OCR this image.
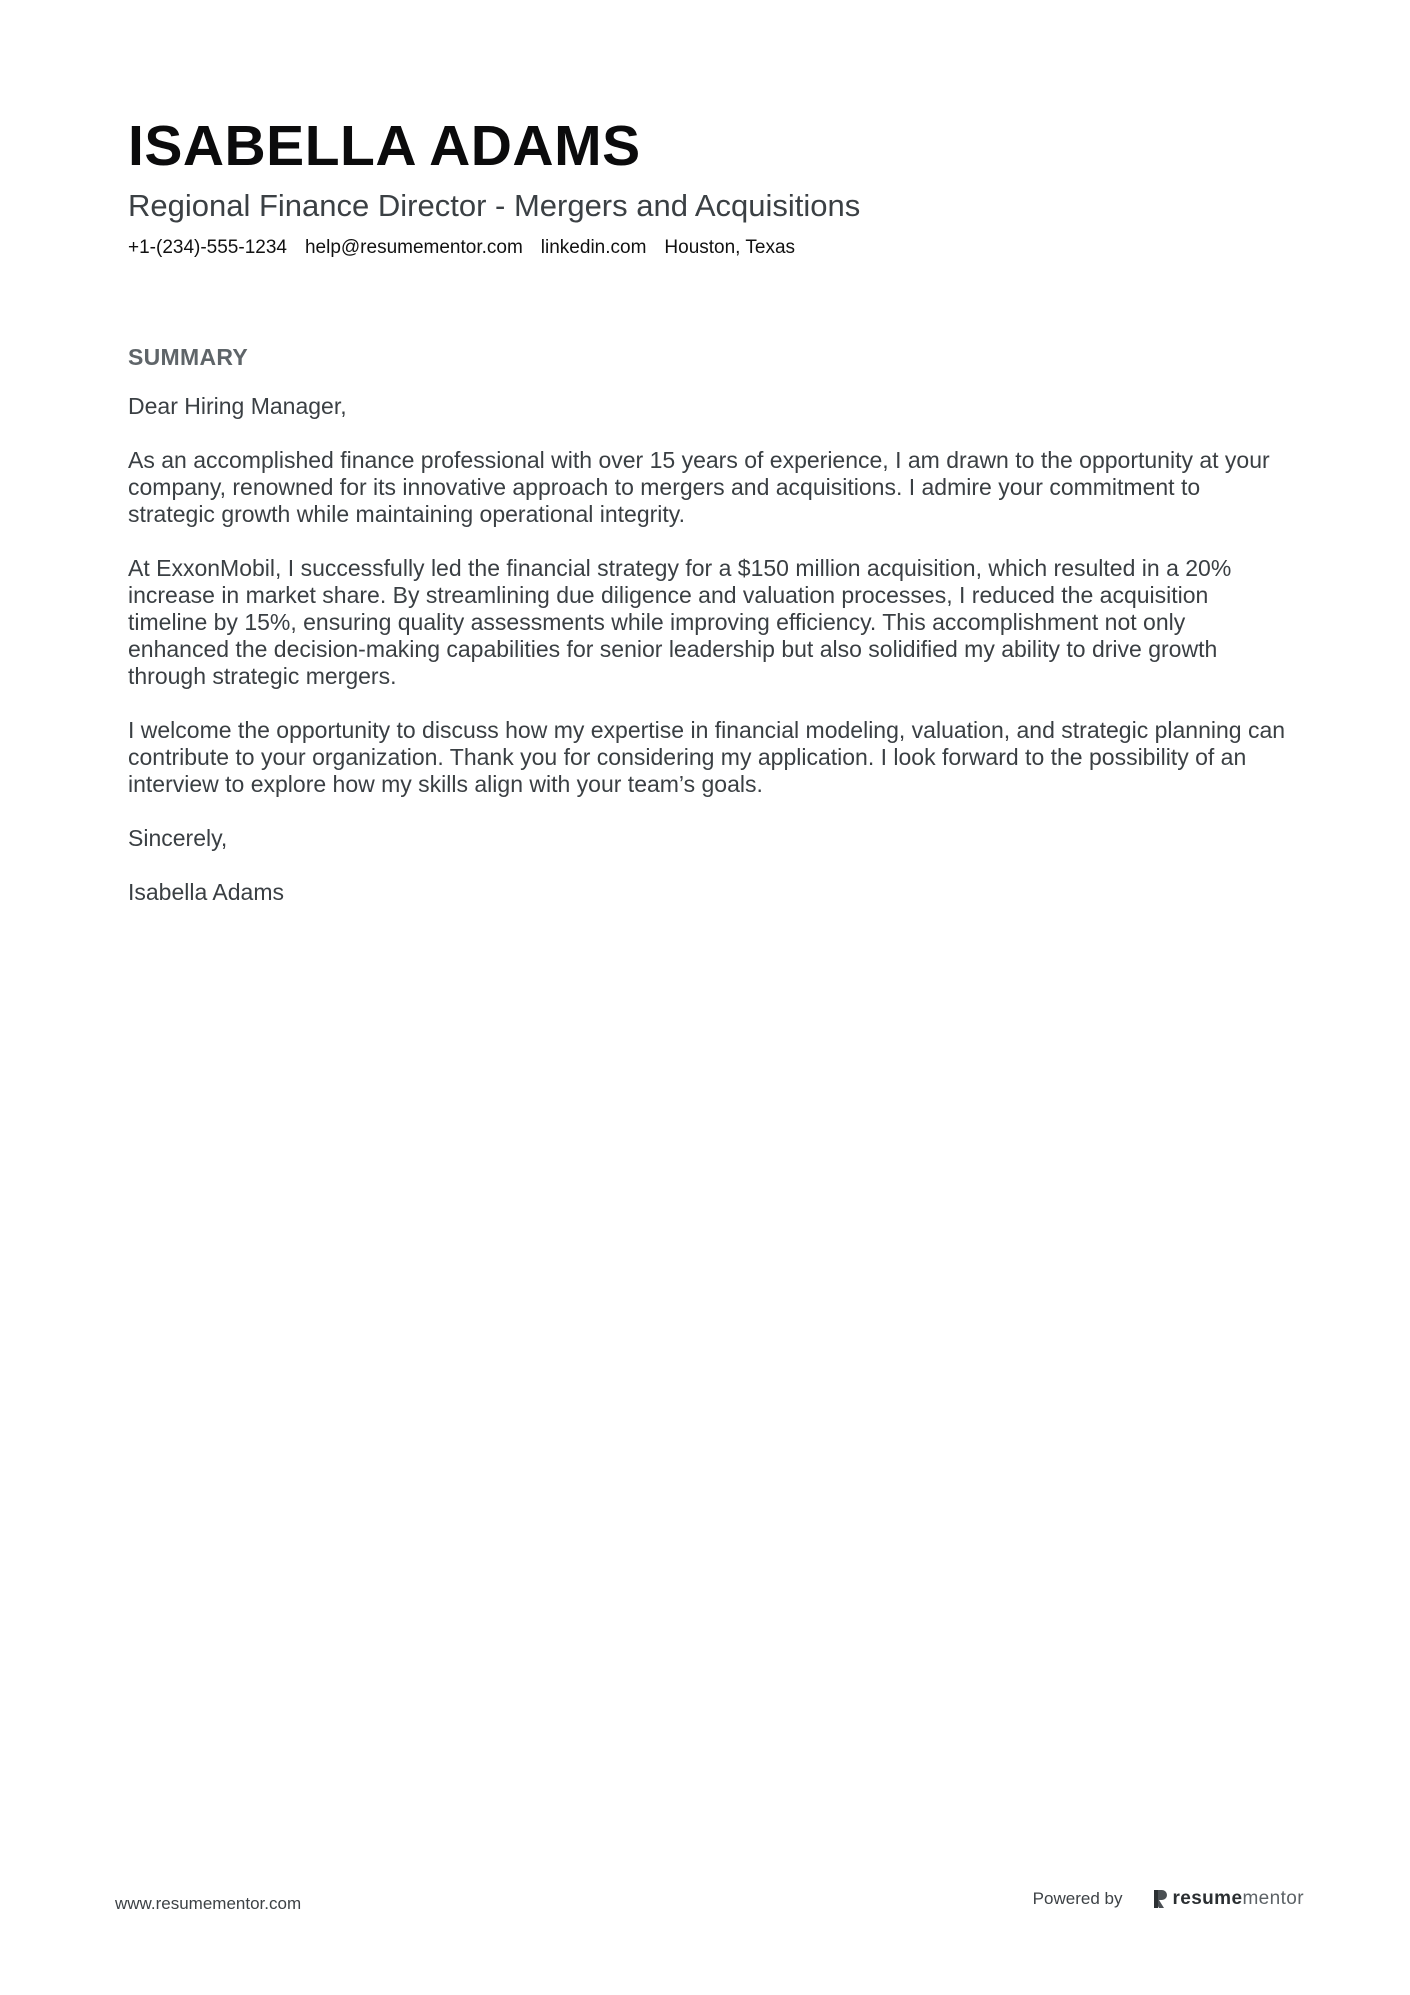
ISABELLA ADAMS
Regional Finance Director - Mergers and Acquisitions
+1-(234)-555-1234 help@resumementor.com linkedin.com Houston, Texas
SUMMARY

Dear Hiring Manager,

As an accomplished finance professional with over 15 years of experience, I am drawn to the opportunity at your company, renowned for its innovative approach to mergers and acquisitions. I admire your commitment to strategic growth while maintaining operational integrity.

At ExxonMobil, I successfully led the financial strategy for a $150 million acquisition, which resulted in a 20% increase in market share. By streamlining due diligence and valuation processes, I reduced the acquisition timeline by 15%, ensuring quality assessments while improving efficiency. This accomplishment not only enhanced the decision-making capabilities for senior leadership but also solidified my ability to drive growth through strategic mergers.

I welcome the opportunity to discuss how my expertise in financial modeling, valuation, and strategic planning can contribute to your organization. Thank you for considering my application. I look forward to the possibility of an interview to explore how my skills align with your team’s goals.

Sincerely,

Isabella Adams

www.resumementor.com	Powered by	resumementor
